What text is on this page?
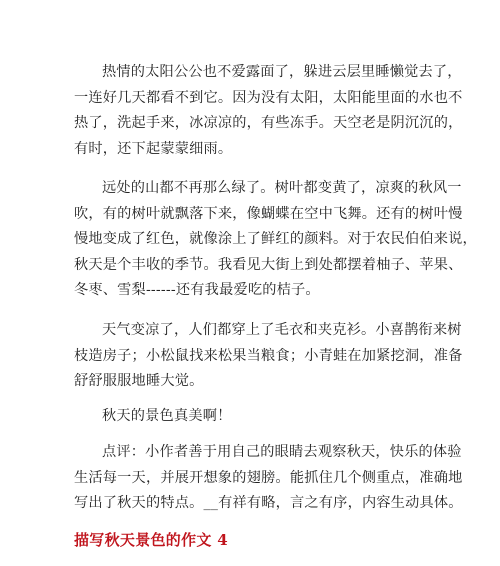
热情的太阳公公也不爱露面了，躲进云层里睡懒觉去了，
一连好几天都看不到它。因为没有太阳，太阳能里面的水也不
热了，洗起手来，冰凉凉的，有些冻手。天空老是阴沉沉的，
有时，还下起蒙蒙细雨。

远处的山都不再那么绿了。树叶都变黄了，凉爽的秋风一
吹，有的树叶就飘落下来，像蝴蝶在空中飞舞。还有的树叶慢
慢地变成了红色，就像涂上了鲜红的颜料。对于农民伯伯来说，
秋天是个丰收的季节。我看见大街上到处都摆着柚子、苹果、
冬枣、雪梨------还有我最爱吃的桔子。

天气变凉了，人们都穿上了毛衣和夹克衫。小喜鹊衔来树
枝造房子；小松鼠找来松果当粮食；小青蛙在加紧挖洞，准备
舒舒服服地睡大觉。

秋天的景色真美啊！

点评：小作者善于用自己的眼睛去观察秋天，快乐的体验
生活每一天，并展开想象的翅膀。能抓住几个侧重点，准确地
写出了秋天的特点。__有祥有略，言之有序，内容生动具体。

描写秋天景色的作文 4
